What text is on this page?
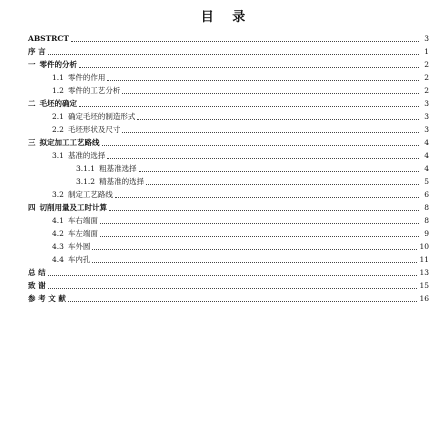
目 录
ABSTRCT	3
序 言	1
一 零件的分析	2
1.1 零件的作用	2
1.2 零件的工艺分析	2
二 毛坯的确定	3
2.1 确定毛坯的制造形式	3
2.2 毛坯形状及尺寸	3
三 拟定加工工艺路线	4
3.1 基准的选择	4
3.1.1 粗基准选择	4
3.1.2 精基准的选择	5
3.2 制定工艺路线	6
四 切削用量及工时计算	8
4.1 车右端面	8
4.2 车左端面	9
4.3 车外圆	10
4.4 车内孔	11
总 结	13
致 谢	15
参 考 文 献	16
